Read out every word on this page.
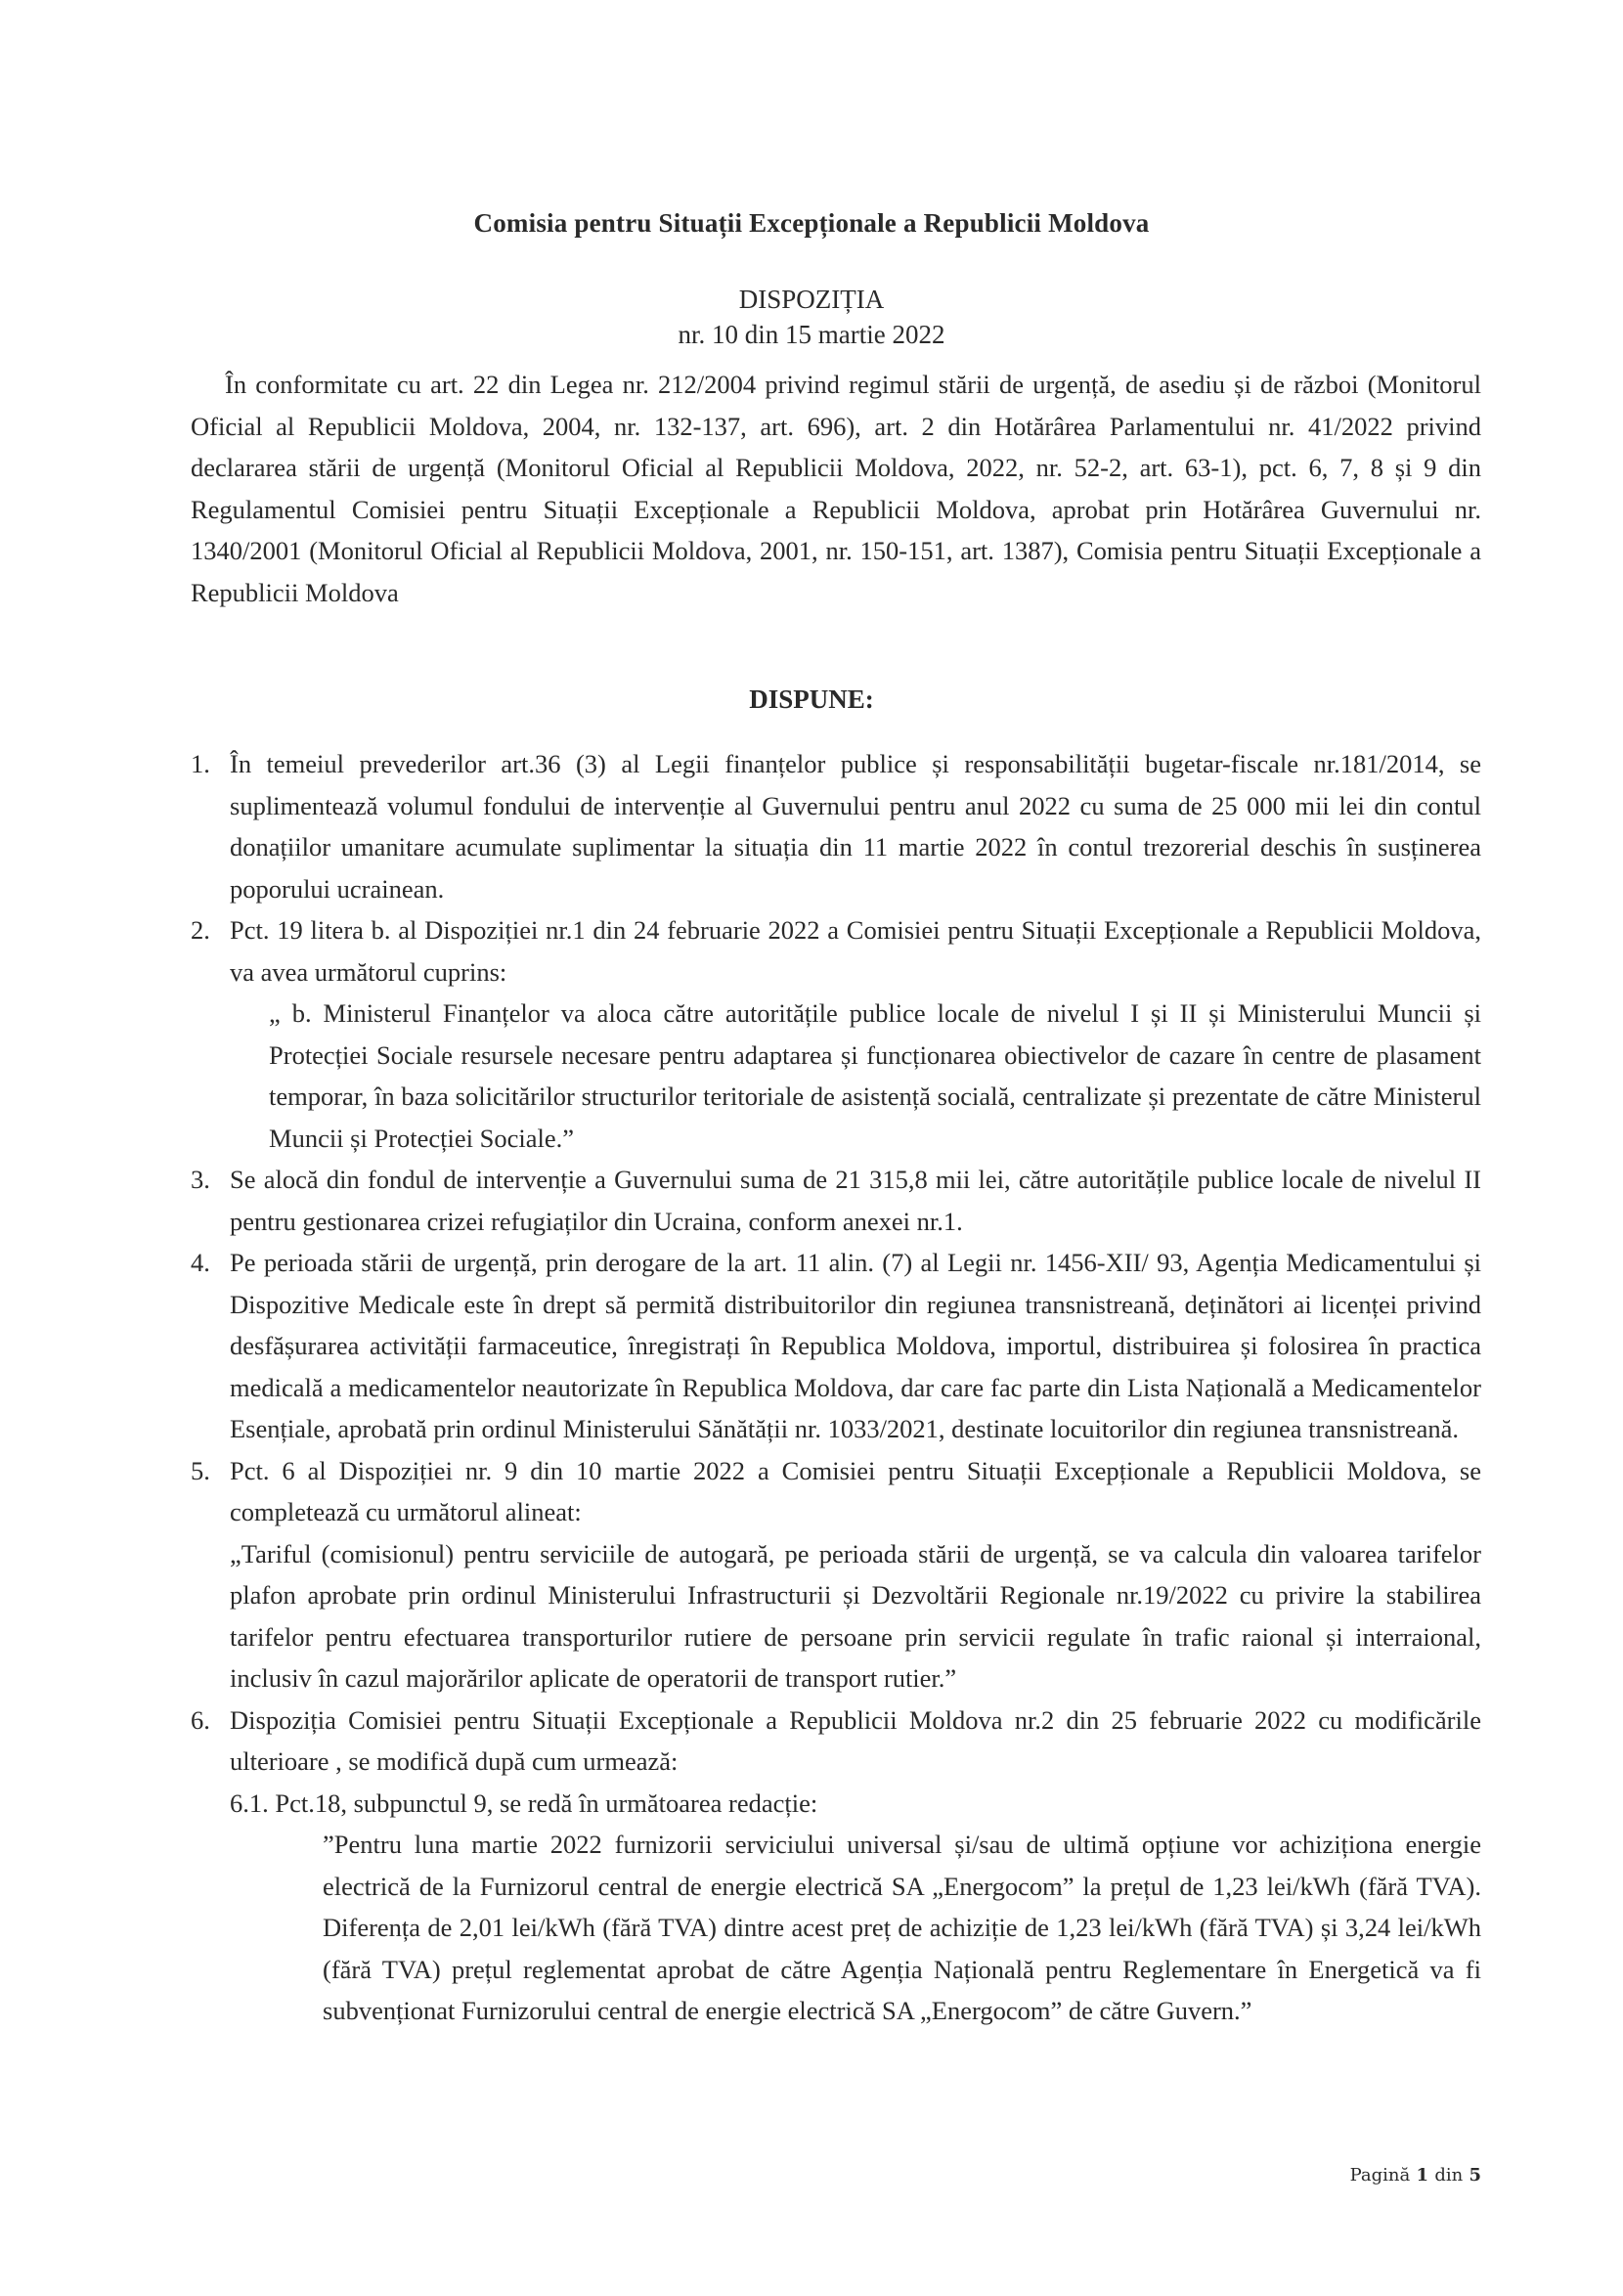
Comisia pentru Situații Excepționale a Republicii Moldova
DISPOZIȚIA
nr. 10 din 15 martie 2022
În conformitate cu art. 22 din Legea nr. 212/2004 privind regimul stării de urgență, de asediu și de război (Monitorul Oficial al Republicii Moldova, 2004, nr. 132-137, art. 696), art. 2 din Hotărârea Parlamentului nr. 41/2022 privind declararea stării de urgență (Monitorul Oficial al Republicii Moldova, 2022, nr. 52-2, art. 63-1), pct. 6, 7, 8 și 9 din Regulamentul Comisiei pentru Situații Excepționale a Republicii Moldova, aprobat prin Hotărârea Guvernului nr. 1340/2001 (Monitorul Oficial al Republicii Moldova, 2001, nr. 150-151, art. 1387), Comisia pentru Situații Excepționale a Republicii Moldova
DISPUNE:
1. În temeiul prevederilor art.36 (3) al Legii finanțelor publice și responsabilității bugetar-fiscale nr.181/2014, se suplimentează volumul fondului de intervenție al Guvernului pentru anul 2022 cu suma de 25 000 mii lei din contul donațiilor umanitare acumulate suplimentar la situația din 11 martie 2022 în contul trezorerial deschis în susținerea poporului ucrainean.
2. Pct. 19 litera b. al Dispoziției nr.1 din 24 februarie 2022 a Comisiei pentru Situații Excepționale a Republicii Moldova, va avea următorul cuprins:
„ b. Ministerul Finanțelor va aloca către autoritățile publice locale de nivelul I și II și Ministerului Muncii și Protecției Sociale resursele necesare pentru adaptarea și funcționarea obiectivelor de cazare în centre de plasament temporar, în baza solicitărilor structurilor teritoriale de asistență socială, centralizate și prezentate de către Ministerul Muncii și Protecției Sociale.”
3. Se alocă din fondul de intervenție a Guvernului suma de 21 315,8 mii lei, către autoritățile publice locale de nivelul II pentru gestionarea crizei refugiaților din Ucraina, conform anexei nr.1.
4. Pe perioada stării de urgență, prin derogare de la art. 11 alin. (7) al Legii nr. 1456-XII/ 93, Agenția Medicamentului și Dispozitive Medicale este în drept să permită distribuitorilor din regiunea transnistreană, deținători ai licenței privind desfășurarea activității farmaceutice, înregistrați în Republica Moldova, importul, distribuirea și folosirea în practica medicală a medicamentelor neautorizate în Republica Moldova, dar care fac parte din Lista Națională a Medicamentelor Esențiale, aprobată prin ordinul Ministerului Sănătății nr. 1033/2021, destinate locuitorilor din regiunea transnistreană.
5. Pct. 6 al Dispoziției nr. 9 din 10 martie 2022 a Comisiei pentru Situații Excepționale a Republicii Moldova, se completează cu următorul alineat:
„Tariful (comisionul) pentru serviciile de autogară, pe perioada stării de urgență, se va calcula din valoarea tarifelor plafon aprobate prin ordinul Ministerului Infrastructurii și Dezvoltării Regionale nr.19/2022 cu privire la stabilirea tarifelor pentru efectuarea transporturilor rutiere de persoane prin servicii regulate în trafic raional și interraional, inclusiv în cazul majorărilor aplicate de operatorii de transport rutier.”
6. Dispoziția Comisiei pentru Situații Excepționale a Republicii Moldova nr.2 din 25 februarie 2022 cu modificările ulterioare , se modifică după cum urmează:
6.1. Pct.18, subpunctul 9, se redă în următoarea redacție:
”Pentru luna martie 2022 furnizorii serviciului universal și/sau de ultimă opțiune vor achiziționa energie electrică de la Furnizorul central de energie electrică SA „Energocom” la prețul de 1,23 lei/kWh (fără TVA). Diferența de 2,01 lei/kWh (fără TVA) dintre acest preț de achiziție de 1,23 lei/kWh (fără TVA) și 3,24 lei/kWh (fără TVA) prețul reglementat aprobat de către Agenția Națională pentru Reglementare în Energetică va fi subvenționat Furnizorului central de energie electrică SA „Energocom” de către Guvern.”
Pagină 1 din 5
